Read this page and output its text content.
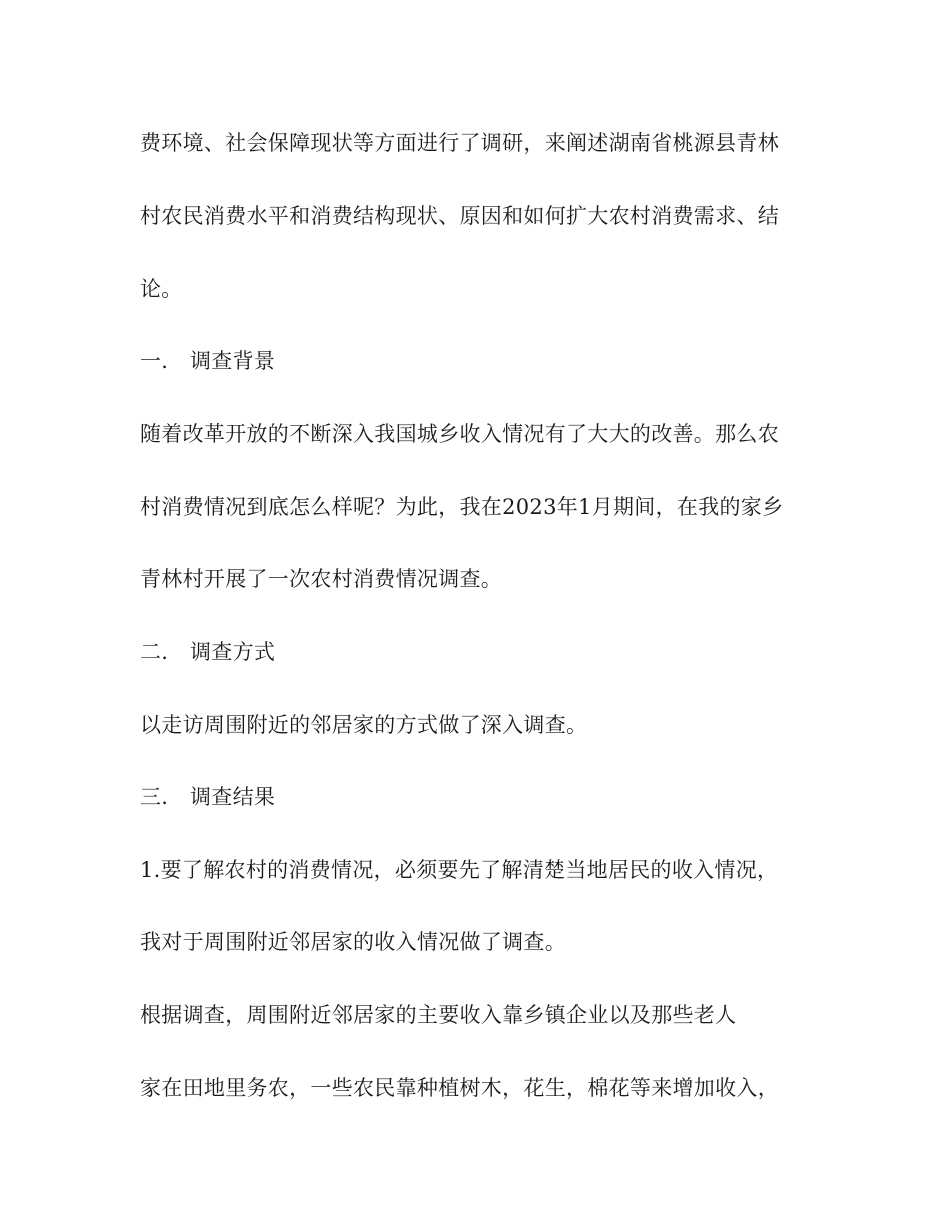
费环境、社会保障现状等方面进行了调研，来阐述湖南省桃源县青林
村农民消费水平和消费结构现状、原因和如何扩大农村消费需求、结
论。
一. 调查背景
随着改革开放的不断深入我国城乡收入情况有了大大的改善。那么农
村消费情况到底怎么样呢？为此，我在2023年1月期间，在我的家乡
青林村开展了一次农村消费情况调查。
二. 调查方式
以走访周围附近的邻居家的方式做了深入调查。
三. 调查结果
1.要了解农村的消费情况，必须要先了解清楚当地居民的收入情况，
我对于周围附近邻居家的收入情况做了调查。
根据调查，周围附近邻居家的主要收入靠乡镇企业以及那些老人
家在田地里务农，一些农民靠种植树木，花生，棉花等来增加收入，
